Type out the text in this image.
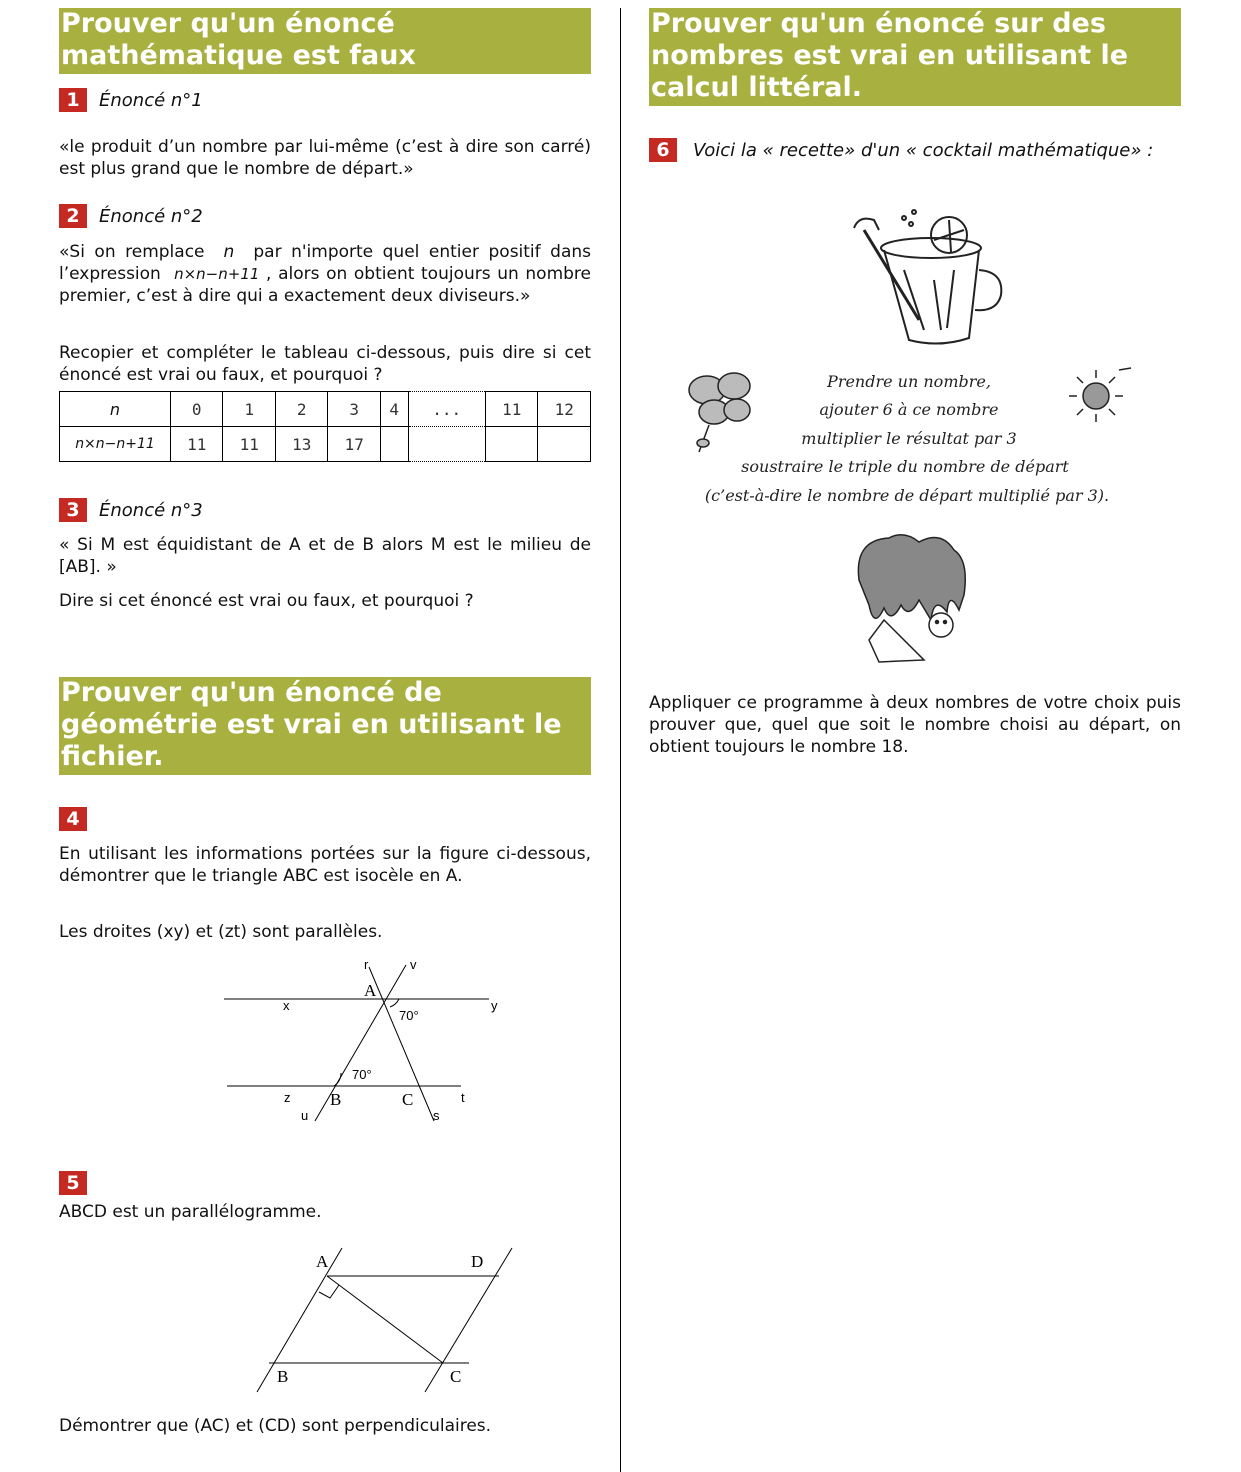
Prouver qu'un énoncé mathématique est faux
1 Énoncé n°1

«le produit d’un nombre par lui-même (c’est à dire son carré) est plus grand que le nombre de départ.»

2 Énoncé n°2

«Si on remplace n par n'importe quel entier positif dans l’expression n×n−n+11 , alors on obtient toujours un nombre premier, c’est à dire qui a exactement deux diviseurs.»

Recopier et compléter le tableau ci-dessous, puis dire si cet énoncé est vrai ou faux, et pourquoi ?

n	0	1	2	3	4	...	11	12
n×n−n+11	11	11	13	17				
3 Énoncé n°3

« Si M est équidistant de A et de B alors M est le milieu de [AB]. »

Dire si cet énoncé est vrai ou faux, et pourquoi ?

Prouver qu'un énoncé de géométrie est vrai en utilisant le fichier.
4

En utilisant les informations portées sur la figure ci-dessous, démontrer que le triangle ABC est isocèle en A.

Les droites (xy) et (zt) sont parallèles.

r	v
A
x	y
70°
70°
z B	C	t
u	s
5

ABCD est un parallélogramme.

A	D
B	C

Démontrer que (AC) et (CD) sont perpendiculaires.

Prouver qu'un énoncé sur des nombres est vrai en utilisant le calcul littéral.
6 Voici la « recette» d'un « cocktail mathématique» :
Prendre un nombre,
ajouter 6 à ce nombre
multiplier le résultat par 3
soustraire le triple du nombre de départ
(c’est-à-dire le nombre de départ multiplié par 3).

Appliquer ce programme à deux nombres de votre choix puis prouver que, quel que soit le nombre choisi au départ, on obtient toujours le nombre 18.
